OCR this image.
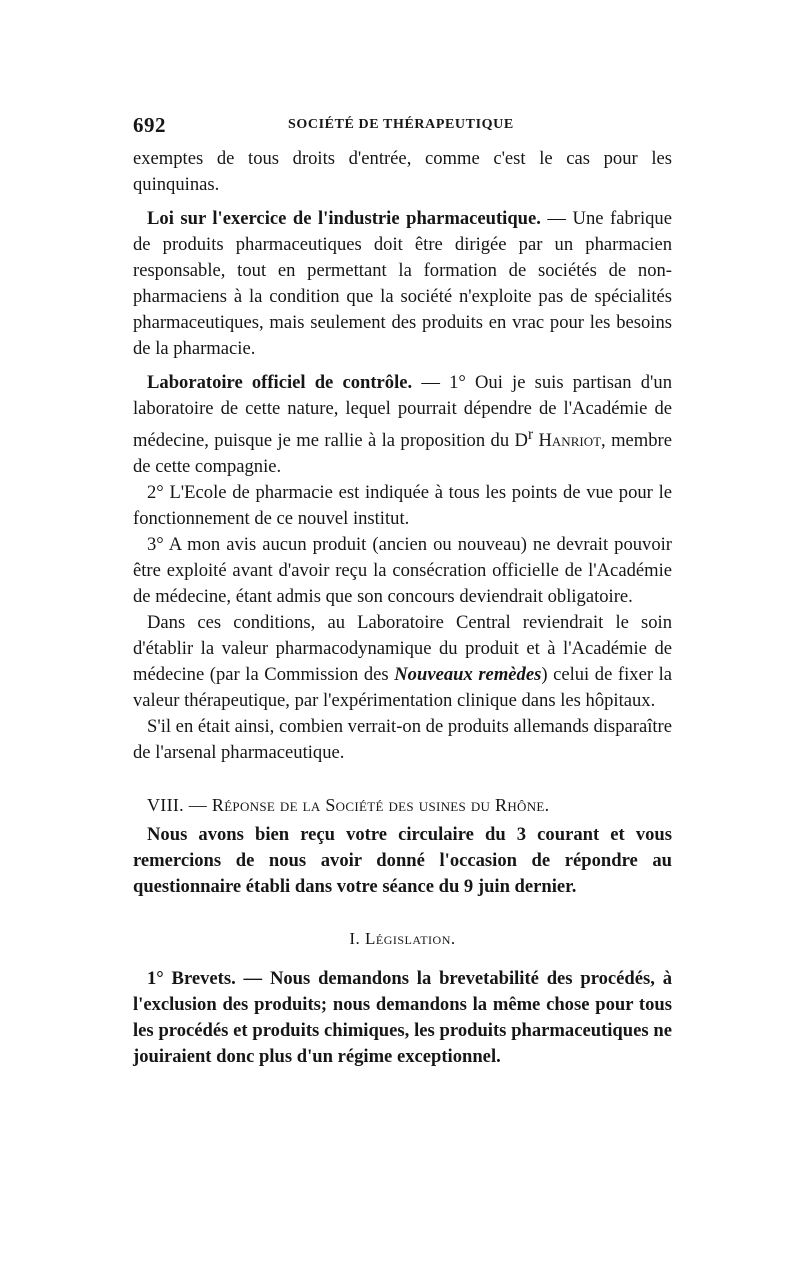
692	SOCIÉTÉ DE THÉRAPEUTIQUE

exemptes de tous droits d'entrée, comme c'est le cas pour les quinquinas.

Loi sur l'exercice de l'industrie pharmaceutique. — Une fabrique de produits pharmaceutiques doit être dirigée par un pharmacien responsable, tout en permettant la formation de sociétés de non-pharmaciens à la condition que la société n'exploite pas de spécialités pharmaceutiques, mais seulement des produits en vrac pour les besoins de la pharmacie.

Laboratoire officiel de contrôle. — 1° Oui je suis partisan d'un laboratoire de cette nature, lequel pourrait dépendre de l'Académie de médecine, puisque je me rallie à la proposition du $D^r$ Hanriot, membre de cette compagnie.

2° L'Ecole de pharmacie est indiquée à tous les points de vue pour le fonctionnement de ce nouvel institut.

3° A mon avis aucun produit (ancien ou nouveau) ne devrait pouvoir être exploité avant d'avoir reçu la consécration officielle de l'Académie de médecine, étant admis que son concours deviendrait obligatoire.

Dans ces conditions, au Laboratoire Central reviendrait le soin d'établir la valeur pharmacodynamique du produit et à l'Académie de médecine (par la Commission des Nouveaux remèdes) celui de fixer la valeur thérapeutique, par l'expérimentation clinique dans les hôpitaux.

S'il en était ainsi, combien verrait-on de produits allemands disparaître de l'arsenal pharmaceutique.

VIII. — Réponse de la Société des usines du Rhône.

Nous avons bien reçu votre circulaire du 3 courant et vous remercions de nous avoir donné l'occasion de répondre au questionnaire établi dans votre séance du 9 juin dernier.

I. Législation.

1° Brevets. — Nous demandons la brevetabilité des procédés, à l'exclusion des produits; nous demandons la même chose pour tous les procédés et produits chimiques, les produits pharmaceutiques ne jouiraient donc plus d'un régime exceptionnel.
